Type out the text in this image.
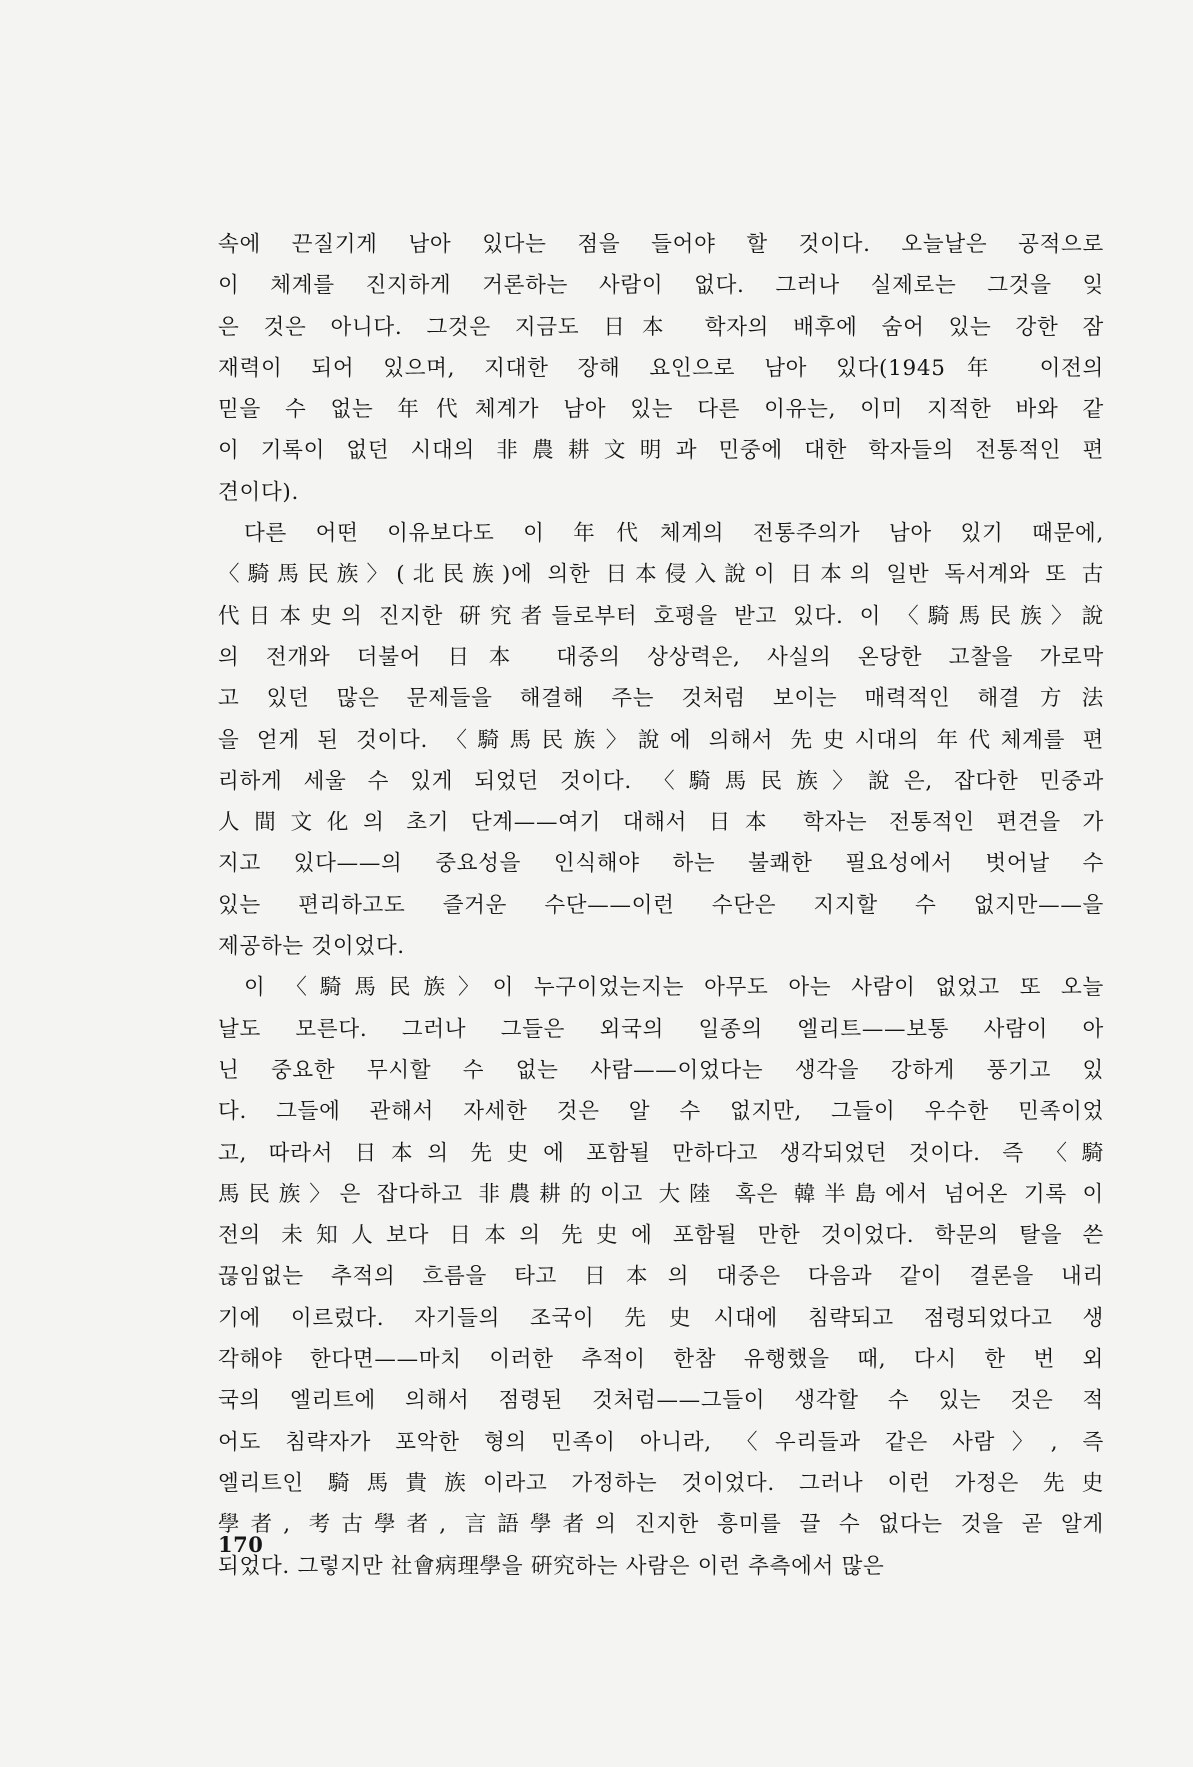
속에 끈질기게 남아 있다는 점을 들어야 할 것이다. 오늘날은 공적으로
이 체계를 진지하게 거론하는 사람이 없다. 그러나 실제로는 그것을 잊
은 것은 아니다. 그것은 지금도 日本 학자의 배후에 숨어 있는 강한 잠
재력이 되어 있으며, 지대한 장해 요인으로 남아 있다(1945年 이전의
믿을 수 없는 年代체계가 남아 있는 다른 이유는, 이미 지적한 바와 같
이 기록이 없던 시대의 非農耕文明과 민중에 대한 학자들의 전통적인 편
견이다).
다른 어떤 이유보다도 이 年代체계의 전통주의가 남아 있기 때문에,
〈騎馬民族〉(北民族)에 의한 日本侵入說이 日本의 일반 독서계와 또 古
代日本史의 진지한 硏究者들로부터 호평을 받고 있다. 이 〈騎馬民族〉說
의 전개와 더불어 日本 대중의 상상력은, 사실의 온당한 고찰을 가로막
고 있던 많은 문제들을 해결해 주는 것처럼 보이는 매력적인 해결方法
을 얻게 된 것이다. 〈騎馬民族〉說에 의해서 先史시대의 年代체계를 편
리하게 세울 수 있게 되었던 것이다. 〈騎馬民族〉說은, 잡다한 민중과
人間文化의 초기 단계——여기 대해서 日本 학자는 전통적인 편견을 가
지고 있다——의 중요성을 인식해야 하는 불쾌한 필요성에서 벗어날 수
있는 편리하고도 즐거운 수단——이런 수단은 지지할 수 없지만——을
제공하는 것이었다.
이 〈騎馬民族〉이 누구이었는지는 아무도 아는 사람이 없었고 또 오늘
날도 모른다. 그러나 그들은 외국의 일종의 엘리트——보통 사람이 아
닌 중요한 무시할 수 없는 사람——이었다는 생각을 강하게 풍기고 있
다. 그들에 관해서 자세한 것은 알 수 없지만, 그들이 우수한 민족이었
고, 따라서 日本의 先史에 포함될 만하다고 생각되었던 것이다. 즉 〈騎
馬民族〉은 잡다하고 非農耕的이고 大陸 혹은 韓半島에서 넘어온 기록 이
전의 未知人보다 日本의 先史에 포함될 만한 것이었다. 학문의 탈을 쓴
끊임없는 추적의 흐름을 타고 日本의 대중은 다음과 같이 결론을 내리
기에 이르렀다. 자기들의 조국이 先史시대에 침략되고 점령되었다고 생
각해야 한다면——마치 이러한 추적이 한참 유행했을 때, 다시 한 번 외
국의 엘리트에 의해서 점령된 것처럼——그들이 생각할 수 있는 것은 적
어도 침략자가 포악한 형의 민족이 아니라, 〈우리들과 같은 사람〉, 즉
엘리트인 騎馬貴族이라고 가정하는 것이었다. 그러나 이런 가정은 先史
學者, 考古學者, 言語學者의 진지한 흥미를 끌 수 없다는 것을 곧 알게
되었다. 그렇지만 社會病理學을 硏究하는 사람은 이런 추측에서 많은
170
